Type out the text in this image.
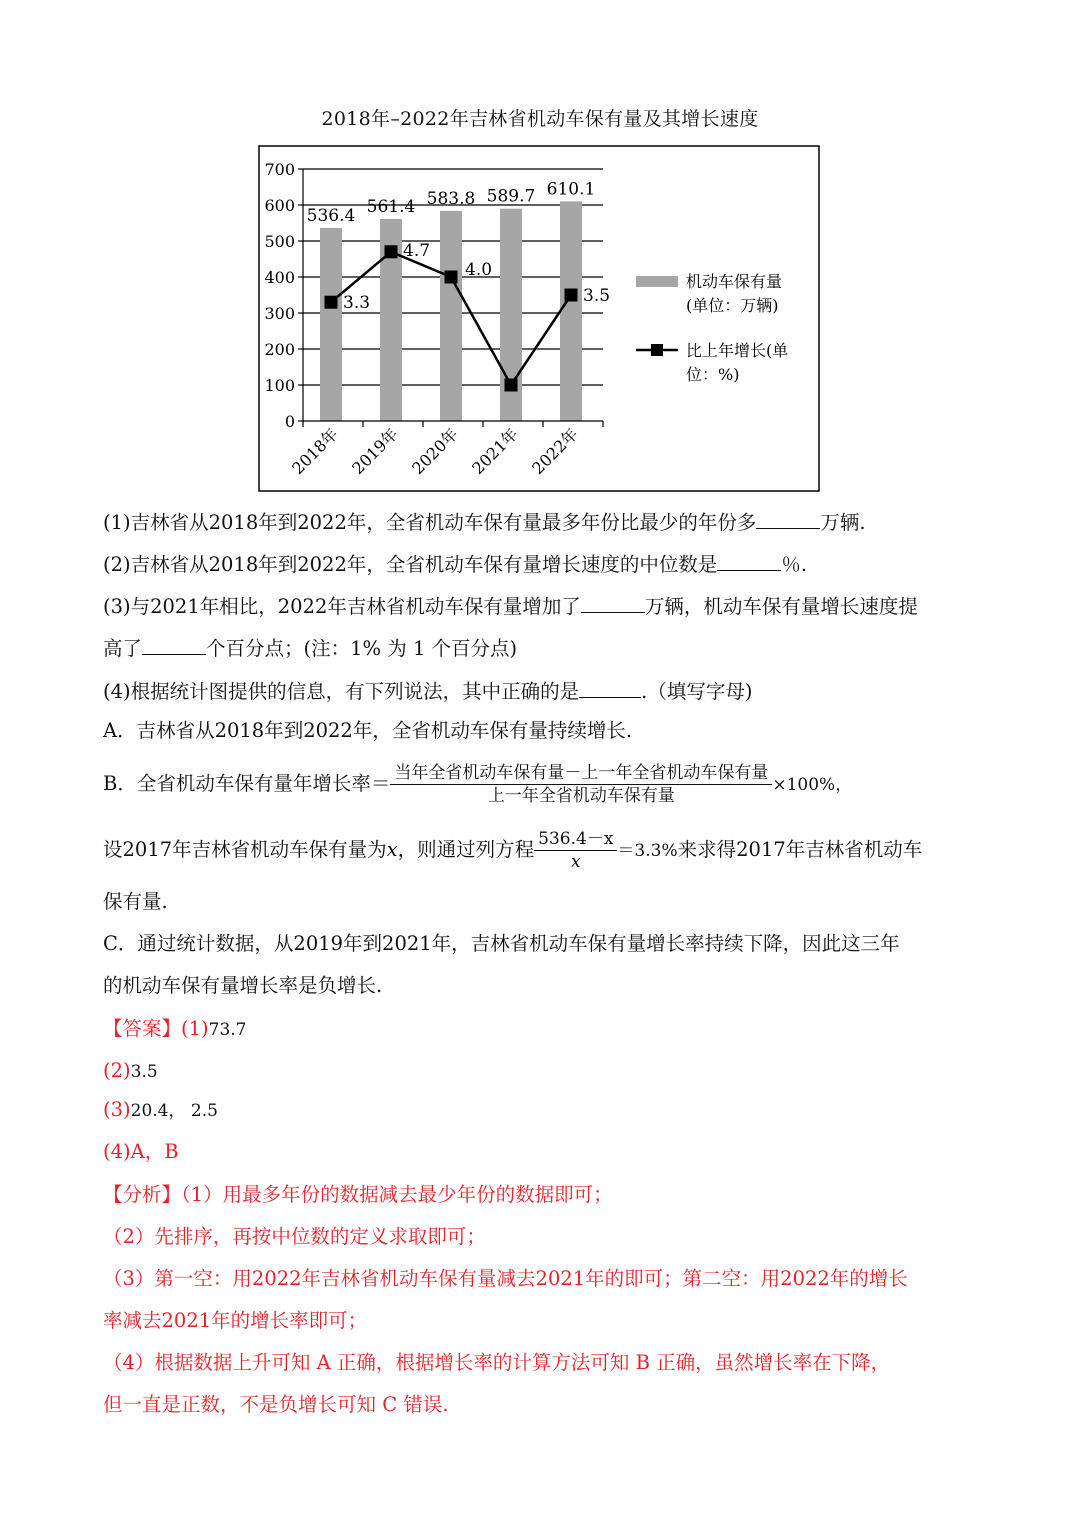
2018年–2022年吉林省机动车保有量及其增长速度
536.4 561.4 583.8 589.7 610.1
3.3
4.7
4.0
3.5
0
100
200
300
400
500
600
700
2018年 2019年 2020年 2021年 2022年
机动车保有量
(单位：万辆)
比上年增长(单
位：%)
(1)吉林省从2018年到2022年，全省机动车保有量最多年份比最少的年份多	万辆.
(2)吉林省从2018年到2022年，全省机动车保有量增长速度的中位数是	％.
(3)与2021年相比，2022年吉林省机动车保有量增加了	万辆，机动车保有量增长速度提
高了	个百分点；(注：1% 为 1 个百分点)
(4)根据统计图提供的信息，有下列说法，其中正确的是	.（填写字母)
A．吉林省从2018年到2022年，全省机动车保有量持续增长.
B．全省机动车保有量年增长率＝ $\frac{\text{当年全省机动车保有量－上一年全省机动车保有量}}{\text{上一年全省机动车保有量}} \times 100\%$，
设2017年吉林省机动车保有量为x，则通过列方程 $\frac{536.4-x}{x} =3.3\%$来求得2017年吉林省机动车
保有量.
C．通过统计数据，从2019年到2021年，吉林省机动车保有量增长率持续下降，因此这三年
的机动车保有量增长率是负增长.
【答案】(1)73.7
(2)3.5
(3)20.4， 2.5
(4)A，B
【分析】（1）用最多年份的数据减去最少年份的数据即可；
（2）先排序，再按中位数的定义求取即可；
（3）第一空：用2022年吉林省机动车保有量减去2021年的即可；第二空：用2022年的增长
率减去2021年的增长率即可；
（4）根据数据上升可知 A 正确，根据增长率的计算方法可知 B 正确，虽然增长率在下降，
但一直是正数，不是负增长可知 C 错误.
